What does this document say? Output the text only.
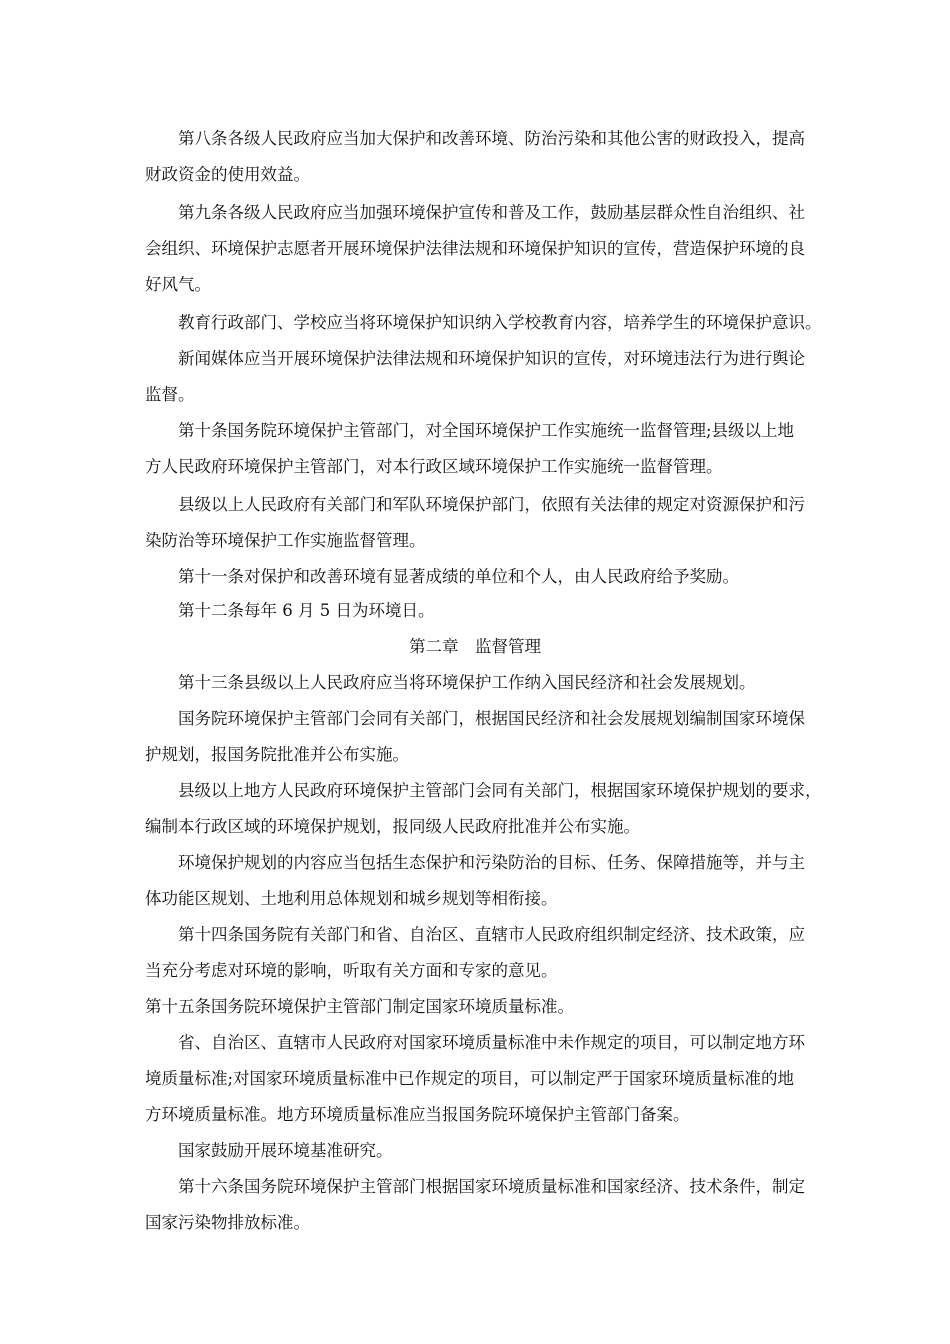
第八条各级人民政府应当加大保护和改善环境、防治污染和其他公害的财政投入，提高
财政资金的使用效益。
第九条各级人民政府应当加强环境保护宣传和普及工作，鼓励基层群众性自治组织、社
会组织、环境保护志愿者开展环境保护法律法规和环境保护知识的宣传，营造保护环境的良
好风气。
教育行政部门、学校应当将环境保护知识纳入学校教育内容，培养学生的环境保护意识。
新闻媒体应当开展环境保护法律法规和环境保护知识的宣传，对环境违法行为进行舆论
监督。
第十条国务院环境保护主管部门，对全国环境保护工作实施统一监督管理;县级以上地
方人民政府环境保护主管部门，对本行政区域环境保护工作实施统一监督管理。
县级以上人民政府有关部门和军队环境保护部门，依照有关法律的规定对资源保护和污
染防治等环境保护工作实施监督管理。
第十一条对保护和改善环境有显著成绩的单位和个人，由人民政府给予奖励。
第十二条每年 6 月 5 日为环境日。
第二章　监督管理
第十三条县级以上人民政府应当将环境保护工作纳入国民经济和社会发展规划。
国务院环境保护主管部门会同有关部门，根据国民经济和社会发展规划编制国家环境保
护规划，报国务院批准并公布实施。
县级以上地方人民政府环境保护主管部门会同有关部门，根据国家环境保护规划的要求，
编制本行政区域的环境保护规划，报同级人民政府批准并公布实施。
环境保护规划的内容应当包括生态保护和污染防治的目标、任务、保障措施等，并与主
体功能区规划、土地利用总体规划和城乡规划等相衔接。
第十四条国务院有关部门和省、自治区、直辖市人民政府组织制定经济、技术政策，应
当充分考虑对环境的影响，听取有关方面和专家的意见。
第十五条国务院环境保护主管部门制定国家环境质量标准。
省、自治区、直辖市人民政府对国家环境质量标准中未作规定的项目，可以制定地方环
境质量标准;对国家环境质量标准中已作规定的项目，可以制定严于国家环境质量标准的地
方环境质量标准。地方环境质量标准应当报国务院环境保护主管部门备案。
国家鼓励开展环境基准研究。
第十六条国务院环境保护主管部门根据国家环境质量标准和国家经济、技术条件，制定
国家污染物排放标准。
